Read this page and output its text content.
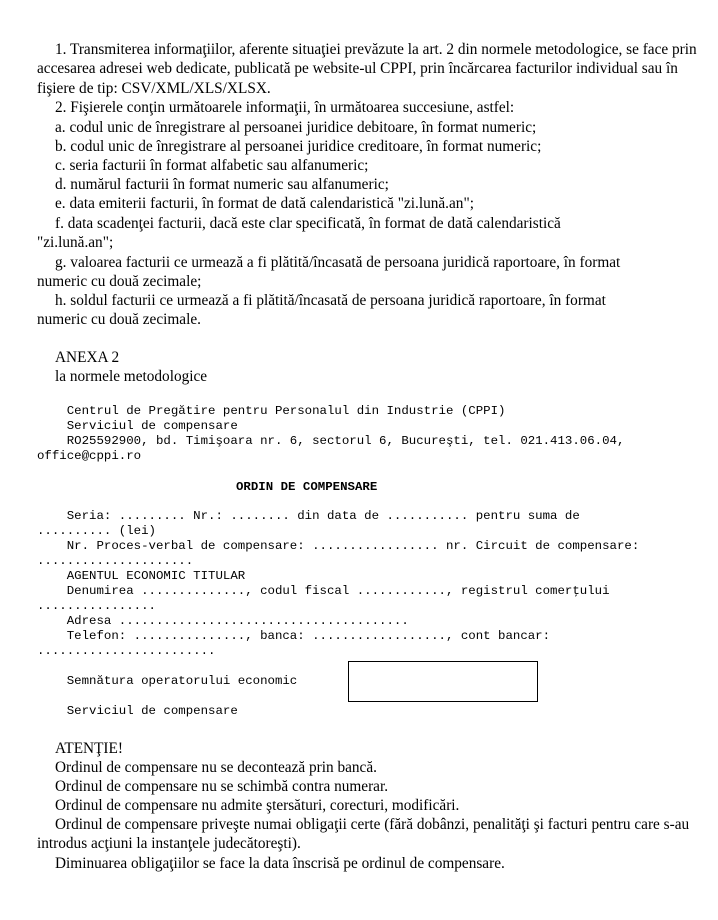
1. Transmiterea informaţiilor, aferente situaţiei prevăzute la art. 2 din normele metodologice, se face prin accesarea adresei web dedicate, publicată pe website-ul CPPI, prin încărcarea facturilor individual sau în fişiere de tip: CSV/XML/XLS/XLSX.
2. Fişierele conţin următoarele informaţii, în următoarea succesiune, astfel:
a. codul unic de înregistrare al persoanei juridice debitoare, în format numeric;
b. codul unic de înregistrare al persoanei juridice creditoare, în format numeric;
c. seria facturii în format alfabetic sau alfanumeric;
d. numărul facturii în format numeric sau alfanumeric;
e. data emiterii facturii, în format de dată calendaristică "zi.lună.an";
f. data scadenţei facturii, dacă este clar specificată, în format de dată calendaristică
"zi.lună.an";
g. valoarea facturii ce urmează a fi plătită/încasată de persoana juridică raportoare, în format
numeric cu două zecimale;
h. soldul facturii ce urmează a fi plătită/încasată de persoana juridică raportoare, în format
numeric cu două zecimale.
ANEXA 2
la normele metodologice
Centrul de Pregătire pentru Personalul din Industrie (CPPI)
Serviciul de compensare
RO25592900, bd. Timişoara nr. 6, sectorul 6, Bucureşti, tel. 021.413.06.04,
office@cppi.ro
ORDIN DE COMPENSARE
Seria: ......... Nr.: ........ din data de ........... pentru suma de
.......... (lei)
Nr. Proces-verbal de compensare: ................. nr. Circuit de compensare:
.....................
AGENTUL ECONOMIC TITULAR
Denumirea .............., codul fiscal ............, registrul comerţului
................
Adresa .......................................
Telefon: ..............., banca: .................., cont bancar:
........................
Semnătura operatorului economic
Serviciul de compensare
ATENŢIE!
Ordinul de compensare nu se decontează prin bancă.
Ordinul de compensare nu se schimbă contra numerar.
Ordinul de compensare nu admite ştersături, corecturi, modificări.
Ordinul de compensare priveşte numai obligaţii certe (fără dobânzi, penalităţi şi facturi pentru care s-au introdus acţiuni la instanţele judecătoreşti).
Diminuarea obligaţiilor se face la data înscrisă pe ordinul de compensare.
